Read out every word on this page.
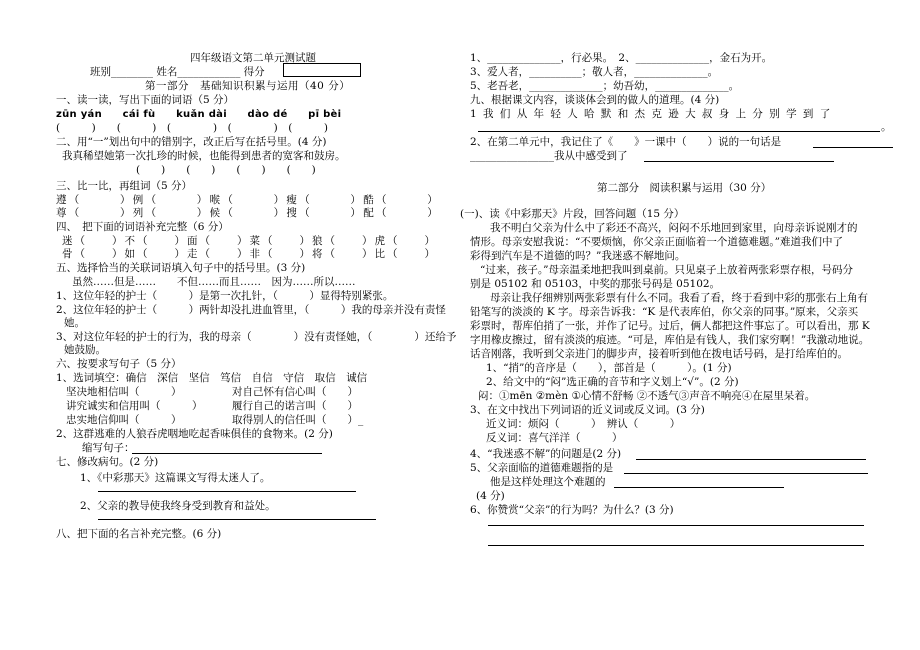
四年级语文第二单元测试题
班别________ 姓名____________ 得分
第一部分　基础知识积累与运用（40 分）
一、读一读，写出下面的词语（5 分）
zūn yán　　cái fù　　kuǎn dài　　dào dé　　pī bèi
(　　　)　　(　　　)　(　　　　)　(　　　　)　(　　　)
二、用“一”划出句中的错别字，改正后写在括号里。(4 分)
我真稀望她第一次扎珍的时候，也能得到患者的宽客和鼓房。
(　　)　　(　　)　　(　　)　　(　　)
三、比一比，再组词（5 分）
遵（　　　）例（　　　）喉（　　　）瘦（　　　）酷（　　　）
尊（　　　）列（　　　）候（　　　）搜（　　　）配（　　　）
四、　把下面的词语补充完整（6 分）
迷（　　）不（　　）面（　　）菜（　　）狼（　　）虎（　　）
骨（　　）如（　　）走（　　）非（　　）将（　　）比（　　）
五、选择恰当的关联词语填入句子中的括号里。(3 分)
虽然……但是……　　不但……而且……　因为……所以……
1、这位年轻的护士（　　　）是第一次扎针，（　　　）显得特别紧张。
2、这位年轻的护士（　　　）两针却没扎进血管里，（　　　）我的母亲并没有责怪
她。
3、对这位年轻的护士的行为，我的母亲（　　　　）没有责怪她，（　　　　）还给予
她鼓励。
六、按要求写句子（5 分）
1、选词填空：确信　深信　坚信　笃信　自信　守信　取信　诚信
坚决地相信叫（　　　）	对自己怀有信心叫（　　）
讲究诚实和信用叫（　　　）	履行自己的诺言叫（　　）
忠实地信仰叫（　　　）	取得别人的信任叫（　　）_
2、这群逃难的人狼吞虎咽地吃起香味俱佳的食物来。(2 分)
缩写句子：
七、修改病句。(2 分)
1、《中彩那天》这篇课文写得太迷人了。
2、父亲的教导使我终身受到教育和益处。
八、把下面的名言补充完整。(6 分)
1、______________，行必果。　2、______________，金石为开。
3、爱人者，__________；敬人者，______________。
5、老吾老，______________；幼吾幼，______________。
九、根据课文内容，谈谈体会到的做人的道理。(4 分)
1 我 们 从 年 轻 人 哈 默 和 杰 克 逊 大 叔 身 上 分 别 学 到 了
。
2、在第二单元中，我记住了《　　》一课中（　　）说的一句话是
________________我从中感受到了
第二部分　阅读积累与运用（30 分）
(一)、读《中彩那天》片段，回答问题（15 分）
我不明白父亲为什么中了彩还不高兴，闷闷不乐地回到家里，向母亲诉说刚才的
情形。母亲安慰我说：“不要烦恼，你父亲正面临着一个道德难题。”难道我们中了
彩得到汽车是不道德的吗？”我迷惑不解地问。
“过来，孩子。”母亲温柔地把我叫到桌前。只见桌子上放着两张彩票存根，号码分
别是 05102 和 05103，中奖的那张号码是 05102。
母亲让我仔细辨别两张彩票有什么不同。我看了看，终于看到中彩的那张右上角有
铅笔写的淡淡的 K 字。母亲告诉我：“K 是代表库伯，你父亲的同事。”原来，父亲买
彩票时，帮库伯捎了一张，并作了记号。过后，俩人都把这件事忘了。可以看出，那 K
字用橡皮擦过，留有淡淡的痕迹。“可是，库伯是有钱人，我们家穷啊！”我激动地说。
话音刚落，我听到父亲进门的脚步声，接着听到他在拨电话号码，是打给库伯的。
1、“捎”的音序是（　　），部首是（　　　）。(1 分)
2、给文中的“闷”选正确的音节和字义划上“√”。(2 分)
闷：①mēn ②mèn ①心情不舒畅 ②不透气③声音不响亮④在屋里呆着。
3、在文中找出下列词语的近义词或反义词。(3 分)
近义词：烦闷（　　　）　辨认（　　　）
反义词：喜气洋洋（　　　）
4、“我迷惑不解”的问题是(2 分)
5、父亲面临的道德难题指的是
他是这样处理这个难题的
(4 分)
6、你赞赏“父亲”的行为吗？为什么？(3 分)
